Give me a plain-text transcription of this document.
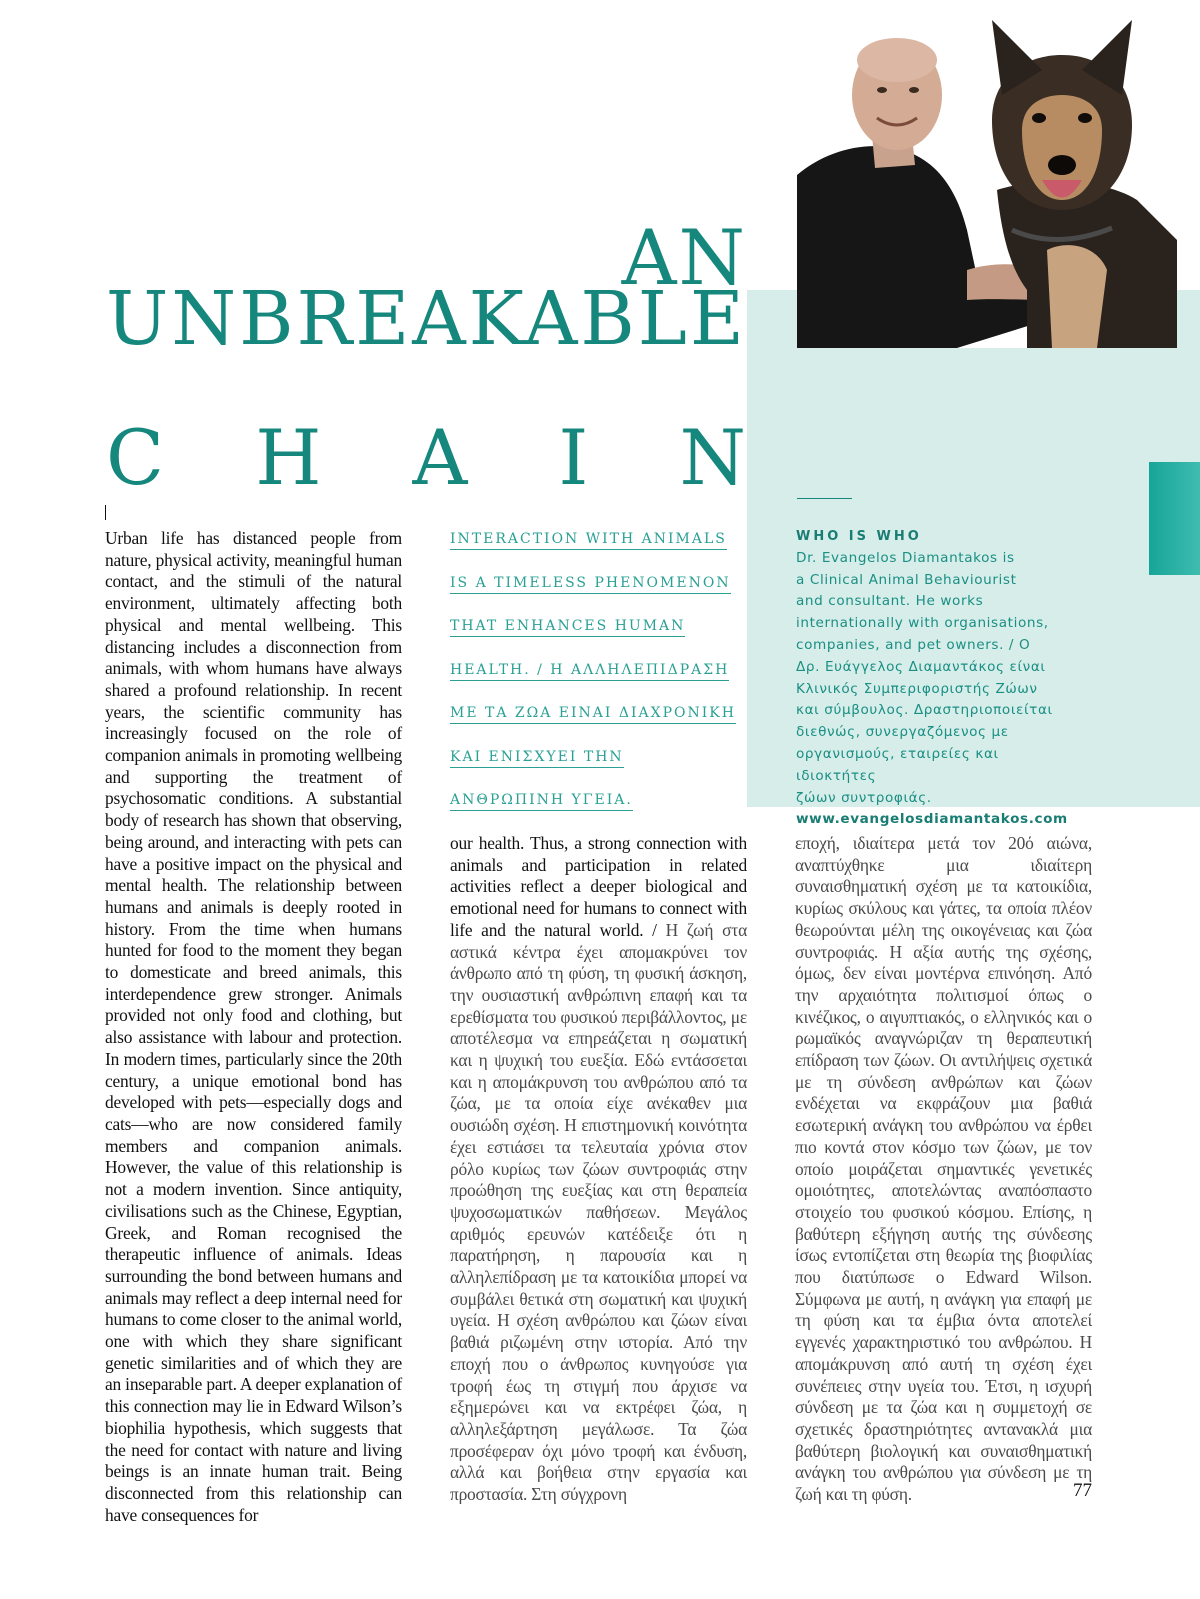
AN
UNBREAKABLE
C H A I N

Urban life has distanced people from nature, physical activity, meaningful human contact, and the stimuli of the natural environment, ultimately affecting both physical and mental wellbeing. This distancing includes a disconnection from animals, with whom humans have always shared a profound relationship. In recent years, the scientific community has increasingly focused on the role of companion animals in promoting wellbeing and supporting the treatment of psychosomatic conditions. A substantial body of research has shown that observing, being around, and interacting with pets can have a positive impact on the physical and mental health. The relationship between humans and animals is deeply rooted in history. From the time when humans hunted for food to the moment they began to domesticate and breed animals, this interdependence grew stronger. Animals provided not only food and clothing, but also assistance with labour and protection. In modern times, particularly since the 20th century, a unique emotional bond has developed with pets—especially dogs and cats—who are now considered family members and companion animals. However, the value of this relationship is not a modern invention. Since antiquity, civilisations such as the Chinese, Egyptian, Greek, and Roman recognised the therapeutic influence of animals. Ideas surrounding the bond between humans and animals may reflect a deep internal need for humans to come closer to the animal world, one with which they share significant genetic similarities and of which they are an inseparable part. A deeper explanation of this connection may lie in Edward Wilson’s biophilia hypothesis, which suggests that the need for contact with nature and living beings is an innate human trait. Being disconnected from this relationship can have consequences for

INTERACTION WITH ANIMALS
IS A TIMELESS PHENOMENON
THAT ENHANCES HUMAN
HEALTH. / Η ΑΛΛΗΛΕΠΙΔΡΑΣΗ
ΜΕ ΤΑ ΖΩΑ ΕΙΝΑΙ ΔΙΑΧΡΟΝΙΚΗ
ΚΑΙ ΕΝΙΣΧΥΕΙ ΤΗΝ
ΑΝΘΡΩΠΙΝΗ ΥΓΕΙΑ.
WHO IS WHO
Dr. Evangelos Diamantakos is
a Clinical Animal Behaviourist
and consultant. He works
internationally with organisations,
companies, and pet owners. / Ο
Δρ. Ευάγγελος Διαμαντάκος είναι
Κλινικός Συμπεριφοριστής Ζώων
και σύμβουλος. Δραστηριοποιείται
διεθνώς, συνεργαζόμενος με
οργανισμούς, εταιρείες και ιδιοκτήτες
ζώων συντροφιάς.
www.evangelosdiamantakos.com

our health. Thus, a strong connection with animals and participation in related activities reflect a deeper biological and emotional need for humans to connect with life and the natural world. / Η ζωή στα αστικά κέντρα έχει απομακρύνει τον άνθρωπο από τη φύση, τη φυσική άσκηση, την ουσιαστική ανθρώπινη επαφή και τα ερεθίσματα του φυσικού περιβάλλοντος, με αποτέλεσμα να επηρεάζεται η σωματική και η ψυχική του ευεξία. Εδώ εντάσσεται και η απομάκρυνση του ανθρώπου από τα ζώα, με τα οποία είχε ανέκαθεν μια ουσιώδη σχέση. Η επιστημονική κοινότητα έχει εστιάσει τα τελευταία χρόνια στον ρόλο κυρίως των ζώων συντροφιάς στην προώθηση της ευεξίας και στη θεραπεία ψυχοσωματικών παθήσεων. Μεγάλος αριθμός ερευνών κατέδειξε ότι η παρατήρηση, η παρουσία και η αλληλεπίδραση με τα κατοικίδια μπορεί να συμβάλει θετικά στη σωματική και ψυχική υγεία. Η σχέση ανθρώπου και ζώων είναι βαθιά ριζωμένη στην ιστορία. Από την εποχή που ο άνθρωπος κυνηγούσε για τροφή έως τη στιγμή που άρχισε να εξημερώνει και να εκτρέφει ζώα, η αλληλεξάρτηση μεγάλωσε. Τα ζώα προσέφεραν όχι μόνο τροφή και ένδυση, αλλά και βοήθεια στην εργασία και προστασία. Στη σύγχρονη

εποχή, ιδιαίτερα μετά τον 20ό αιώνα, αναπτύχθηκε μια ιδιαίτερη συναισθηματική σχέση με τα κατοικίδια, κυρίως σκύλους και γάτες, τα οποία πλέον θεωρούνται μέλη της οικογένειας και ζώα συντροφιάς. Η αξία αυτής της σχέσης, όμως, δεν είναι μοντέρνα επινόηση. Από την αρχαιότητα πολιτισμοί όπως ο κινέζικος, ο αιγυπτιακός, ο ελληνικός και ο ρωμαϊκός αναγνώριζαν τη θεραπευτική επίδραση των ζώων. Οι αντιλήψεις σχετικά με τη σύνδεση ανθρώπων και ζώων ενδέχεται να εκφράζουν μια βαθιά εσωτερική ανάγκη του ανθρώπου να έρθει πιο κοντά στον κόσμο των ζώων, με τον οποίο μοιράζεται σημαντικές γενετικές ομοιότητες, αποτελώντας αναπόσπαστο στοιχείο του φυσικού κόσμου. Επίσης, η βαθύτερη εξήγηση αυτής της σύνδεσης ίσως εντοπίζεται στη θεωρία της βιοφιλίας που διατύπωσε ο Edward Wilson. Σύμφωνα με αυτή, η ανάγκη για επαφή με τη φύση και τα έμβια όντα αποτελεί εγγενές χαρακτηριστικό του ανθρώπου. Η απομάκρυνση από αυτή τη σχέση έχει συνέπειες στην υγεία του. Έτσι, η ισχυρή σύνδεση με τα ζώα και η συμμετοχή σε σχετικές δραστηριότητες αντανακλά μια βαθύτερη βιολογική και συναισθηματική ανάγκη του ανθρώπου για σύνδεση με τη ζωή και τη φύση.	77
